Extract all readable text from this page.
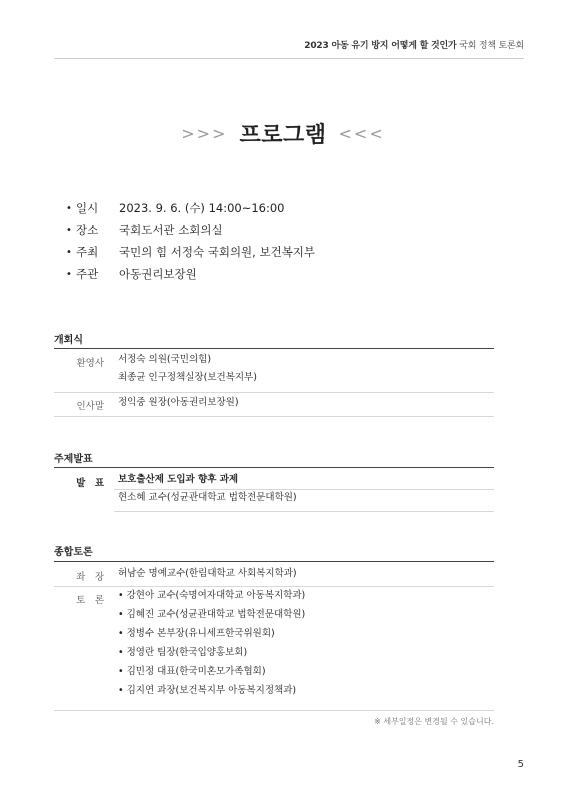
2023 아동 유기 방지 어떻게 할 것인가 국회 정책 토론회
>>> 프로그램 <<<
• 일시	2023. 9. 6. (수) 14:00~16:00
• 장소	국회도서관 소회의실
• 주최	국민의 힘 서정숙 국회의원, 보건복지부
• 주관	아동권리보장원
개회식
환영사 서정숙 의원(국민의힘)
최종균 인구정책실장(보건복지부)
인사말 정익중 원장(아동권리보장원)
주제발표
발　표 보호출산제 도입과 향후 과제
현소혜 교수(성균관대학교 법학전문대학원)
종합토론
좌　장 허남순 명예교수(한림대학교 사회복지학과)
토　론 • 강현아 교수(숙명여자대학교 아동복지학과)
• 김혜진 교수(성균관대학교 법학전문대학원)
• 정병수 본부장(유니세프한국위원회)
• 정영란 팀장(한국입양홍보회)
• 김민정 대표(한국미혼모가족협회)
• 김지연 과장(보건복지부 아동복지정책과)
※ 세부일정은 변경될 수 있습니다.
5
